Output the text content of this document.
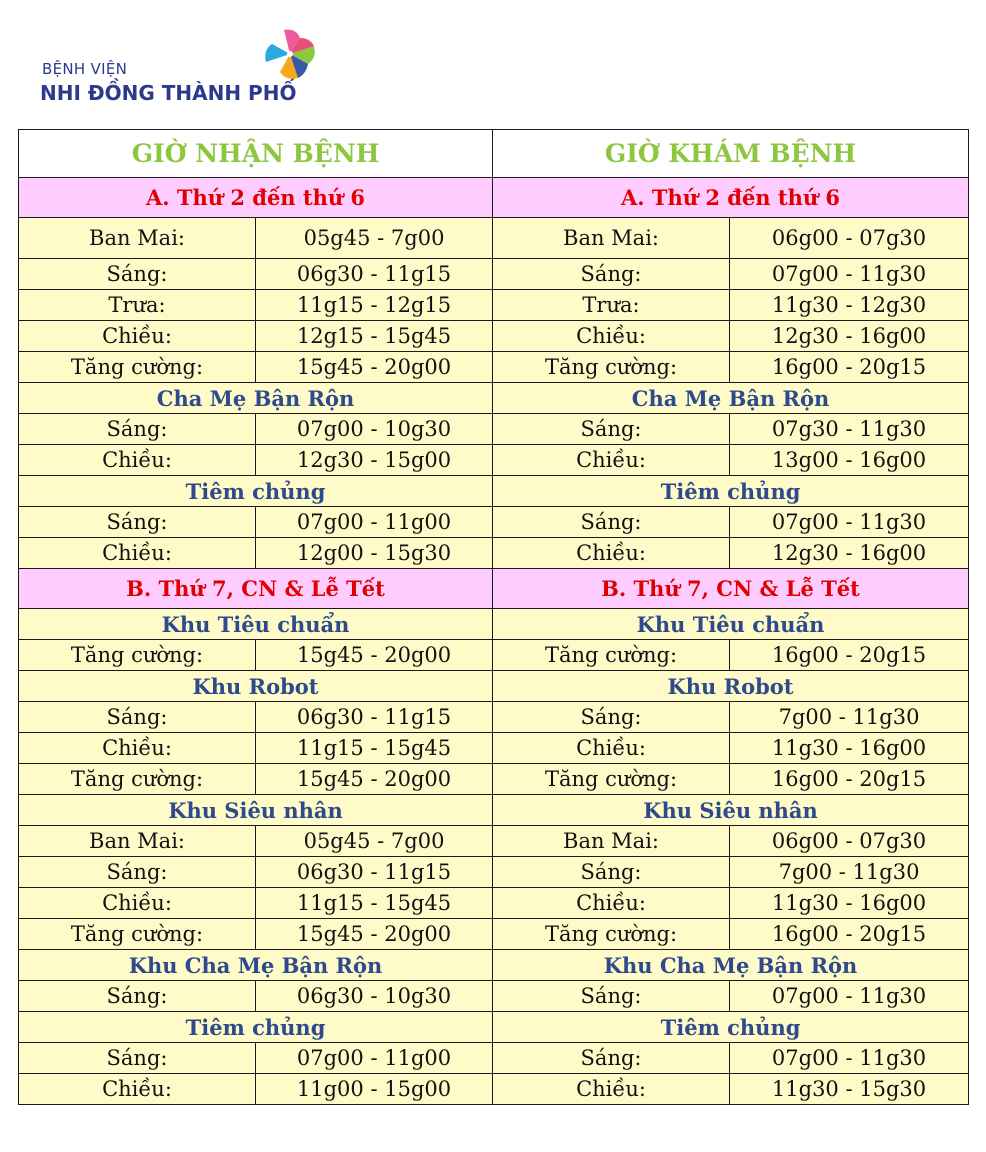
BỆNH VIỆN
NHI ĐỒNG THÀNH PHỐ
GIỜ NHẬN BỆNH		GIỜ KHÁM BỆNH	
A. Thứ 2 đến thứ 6		A. Thứ 2 đến thứ 6	
Ban Mai:	05g45 - 7g00	Ban Mai:	06g00 - 07g30
Sáng:	06g30 - 11g15	Sáng:	07g00 - 11g30
Trưa:	11g15 - 12g15	Trưa:	11g30 - 12g30
Chiều:	12g15 - 15g45	Chiều:	12g30 - 16g00
Tăng cường:	15g45 - 20g00	Tăng cường:	16g00 - 20g15
Cha Mẹ Bận Rộn		Cha Mẹ Bận Rộn	
Sáng:	07g00 - 10g30	Sáng:	07g30 - 11g30
Chiều:	12g30 - 15g00	Chiều:	13g00 - 16g00
Tiêm chủng		Tiêm chủng	
Sáng:	07g00 - 11g00	Sáng:	07g00 - 11g30
Chiều:	12g00 - 15g30	Chiều:	12g30 - 16g00
B. Thứ 7, CN & Lễ Tết		B. Thứ 7, CN & Lễ Tết	
Khu Tiêu chuẩn		Khu Tiêu chuẩn	
Tăng cường:	15g45 - 20g00	Tăng cường:	16g00 - 20g15
Khu Robot		Khu Robot	
Sáng:	06g30 - 11g15	Sáng:	7g00 - 11g30
Chiều:	11g15 - 15g45	Chiều:	11g30 - 16g00
Tăng cường:	15g45 - 20g00	Tăng cường:	16g00 - 20g15
Khu Siêu nhân		Khu Siêu nhân	
Ban Mai:	05g45 - 7g00	Ban Mai:	06g00 - 07g30
Sáng:	06g30 - 11g15	Sáng:	7g00 - 11g30
Chiều:	11g15 - 15g45	Chiều:	11g30 - 16g00
Tăng cường:	15g45 - 20g00	Tăng cường:	16g00 - 20g15
Khu Cha Mẹ Bận Rộn		Khu Cha Mẹ Bận Rộn	
Sáng:	06g30 - 10g30	Sáng:	07g00 - 11g30
Tiêm chủng		Tiêm chủng	
Sáng:	07g00 - 11g00	Sáng:	07g00 - 11g30
Chiều:	11g00 - 15g00	Chiều:	11g30 - 15g30
